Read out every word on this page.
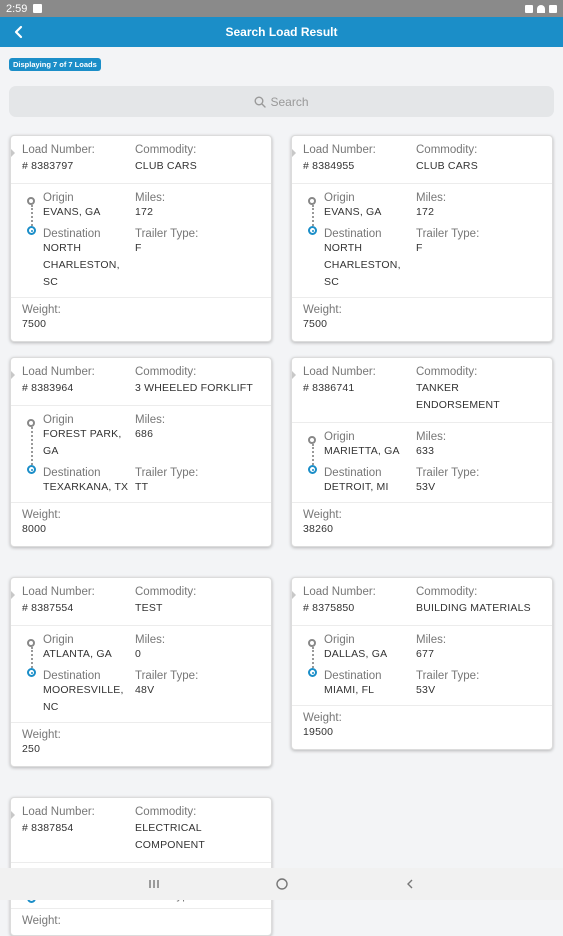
2:59
Search Load Result
Displaying 7 of 7 Loads
Search
Load Number:	Commodity:
# 8383797	CLUB CARS
Origin	Miles:
EVANS, GA	172
Destination	Trailer Type:
NORTH CHARLESTON, SC
F
Weight:
7500
Load Number:	Commodity:
# 8384955	CLUB CARS
Origin	Miles:
EVANS, GA	172
Destination	Trailer Type:
NORTH CHARLESTON, SC
F
Weight:
7500
Load Number:	Commodity:
# 8383964	3 WHEELED FORKLIFT
Origin	Miles:
FOREST PARK, GA
686
Destination	Trailer Type:
TEXARKANA, TX TT
Weight:
8000
Load Number:	Commodity:
# 8386741	TANKER ENDORSEMENT
Origin	Miles:
MARIETTA, GA	633
Destination	Trailer Type:
DETROIT, MI	53V
Weight:
38260
Load Number:	Commodity:
# 8387554	TEST
Origin	Miles:
ATLANTA, GA	0
Destination	Trailer Type:
MOORESVILLE, NC
48V
Weight:
250
Load Number:	Commodity:
# 8375850	BUILDING MATERIALS
Origin	Miles:
DALLAS, GA	677
Destination	Trailer Type:
MIAMI, FL	53V
Weight:
19500
Load Number:	Commodity:
# 8387854	ELECTRICAL COMPONENT
Weight:
